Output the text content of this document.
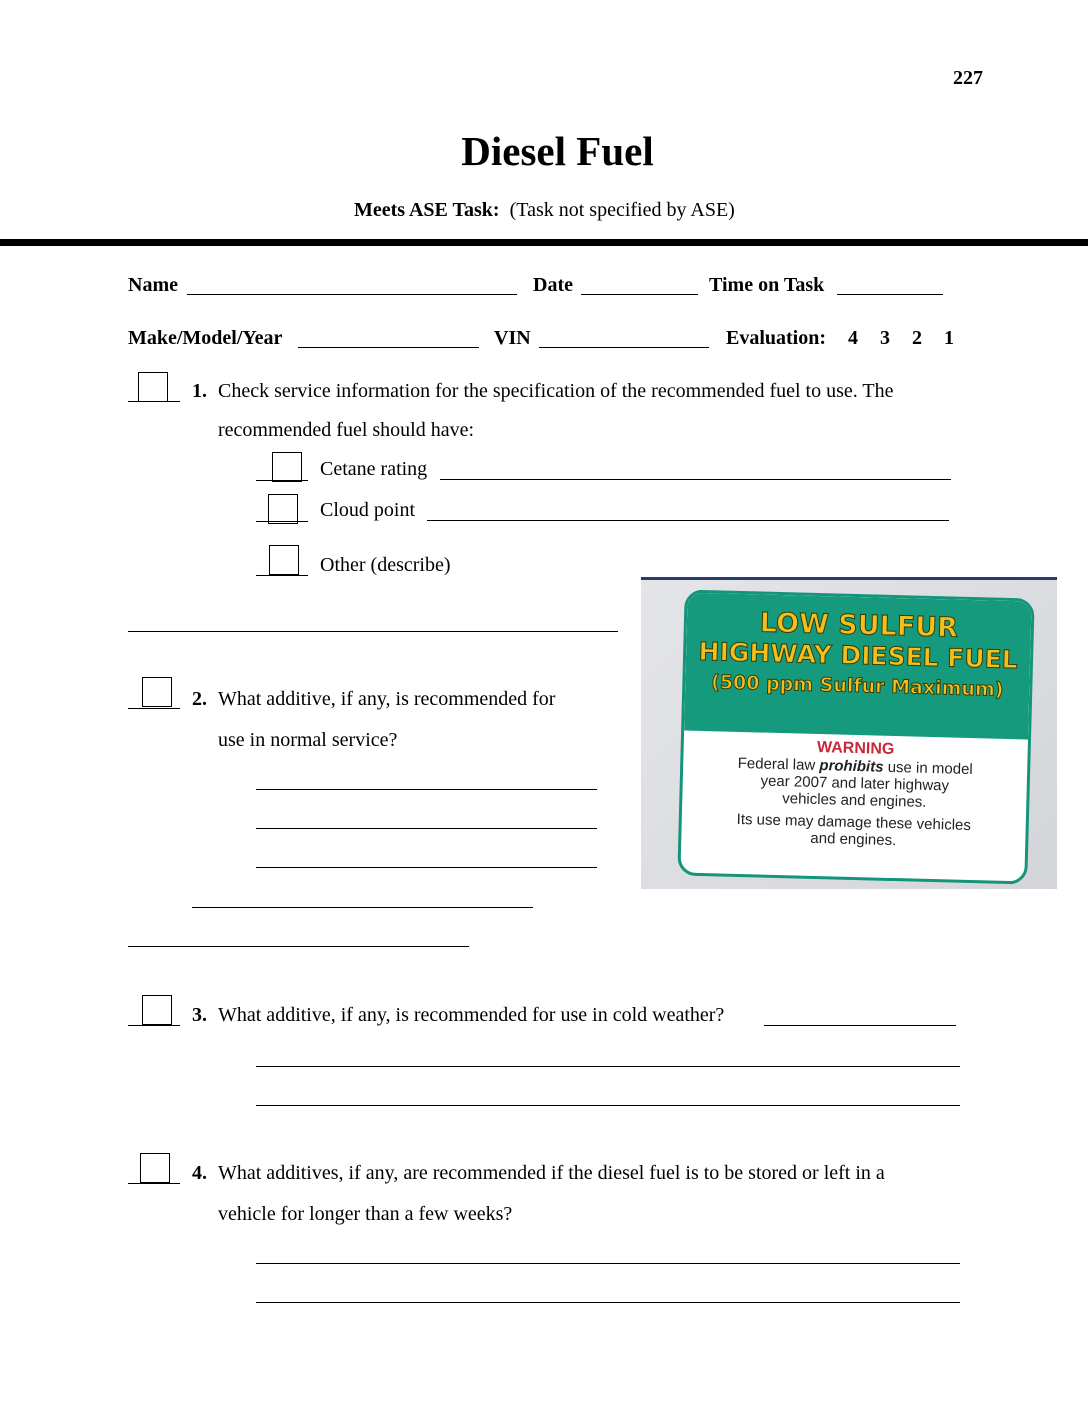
227
Diesel Fuel
Meets ASE Task: (Task not specified by ASE)
Name	Date	Time on Task
Make/Model/Year	VIN	Evaluation: 4 3 2 1
1. Check service information for the specification of the recommended fuel to use. The
recommended fuel should have:
Cetane rating
Cloud point
Other (describe)
2. What additive, if any, is recommended for
use in normal service?
LOW SULFUR
HIGHWAY DIESEL FUEL
(500 ppm Sulfur Maximum)
WARNING
Federal law prohibits use in model
year 2007 and later highway
vehicles and engines.
Its use may damage these vehicles
and engines.
3. What additive, if any, is recommended for use in cold weather?
4. What additives, if any, are recommended if the diesel fuel is to be stored or left in a
vehicle for longer than a few weeks?
